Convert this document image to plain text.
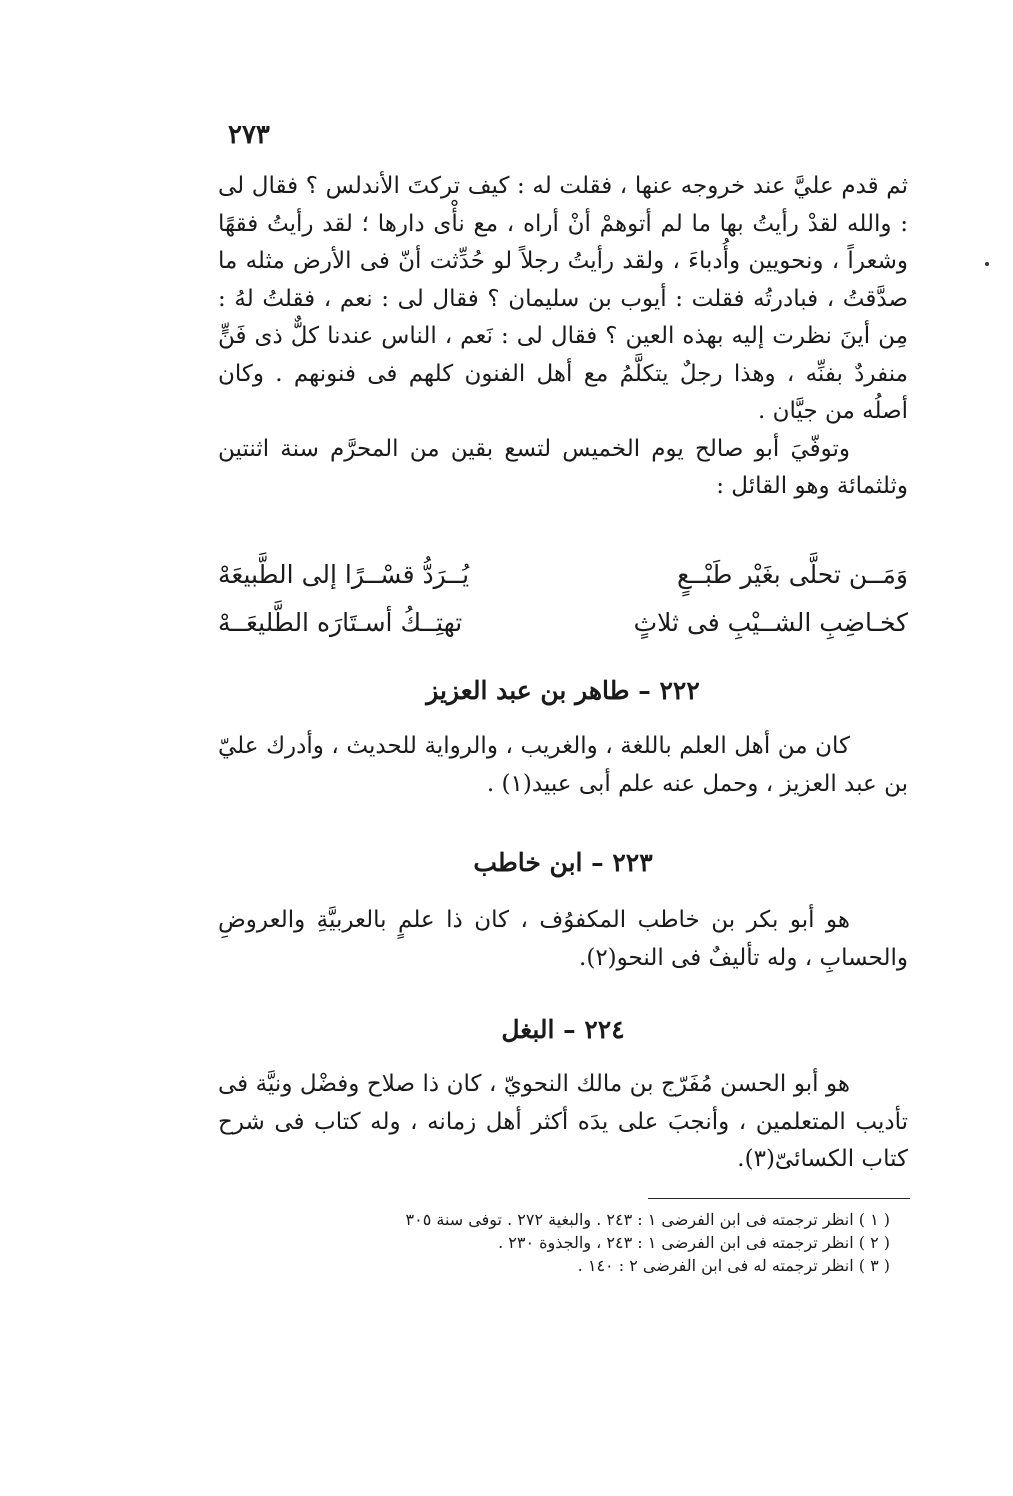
٢٧٣

ثم قدم عليَّ عند خروجه عنها ، فقلت له : كيف تركتَ الأندلس ؟ فقال لى : والله لقدْ رأيتُ بها ما لم أتوهمْ أنْ أراه ، مع نأْى دارها ؛ لقد رأيتُ فقهًا وشعراً ، ونحويين وأُدباءَ ، ولقد رأيتُ رجلاً لو حُدِّثت أنّ فى الأرض مثله ما صدَّقتُ ، فبادرتُه فقلت : أيوب بن سليمان ؟ فقال لى : نعم ، فقلتُ لهُ : مِن أينَ نظرت إليه بهذه العين ؟ فقال لى : نَعم ، الناس عندنا كلٌّ ذى فَنٍّ منفردٌ بفنِّه ، وهذا رجلٌ يتكلَّمُ مع أهل الفنون كلهم فى فنونهم . وكان أصلُه من جيَّان .

وتوفّيَ أبو صالح يوم الخميس لتسع بقين من المحرَّم سنة اثنتين وثلثمائة وهو القائل :

وَمَــن تحلَّى بغَيْر طَبْــعٍ
يُــرَدُّ قسْــرًا إلى الطَّبيعَهْ
كخـاضِبِ الشــيْبِ فى ثلاثٍ
تهتِــكُ أسـتَارَه الطَّليعَــهْ
٢٢٢ – طاهر بن عبد العزيز

كان من أهل العلم باللغة ، والغريب ، والرواية للحديث ، وأدرك عليّ بن عبد العزيز ، وحمل عنه علم أبى عبيد(١) .

٢٢٣ – ابن خاطب

هو أبو بكر بن خاطب المكفوُف ، كان ذا علمٍ بالعربيَّةِ والعروضِ والحسابِ ، وله تأليفٌ فى النحو(٢).

٢٢٤ – البغل

هو أبو الحسن مُفَرّج بن مالك النحويّ ، كان ذا صلاح وفضْل ونيَّة فى تأديب المتعلمين ، وأنجبَ على يدَه أكثر أهل زمانه ، وله كتاب فى شرح كتاب الكسائىّ(٣).

( ١ ) انظر ترجمته فى ابن الفرضى ١ : ٢٤٣ . والبغية ٢٧٢ . توفى سنة ٣٠٥
( ٢ ) انظر ترجمته فى ابن الفرضى ١ : ٢٤٣ ، والجذوة ٢٣٠ .
( ٣ ) انظر ترجمته له فى ابن الفرضى ٢ : ١٤٠ .
